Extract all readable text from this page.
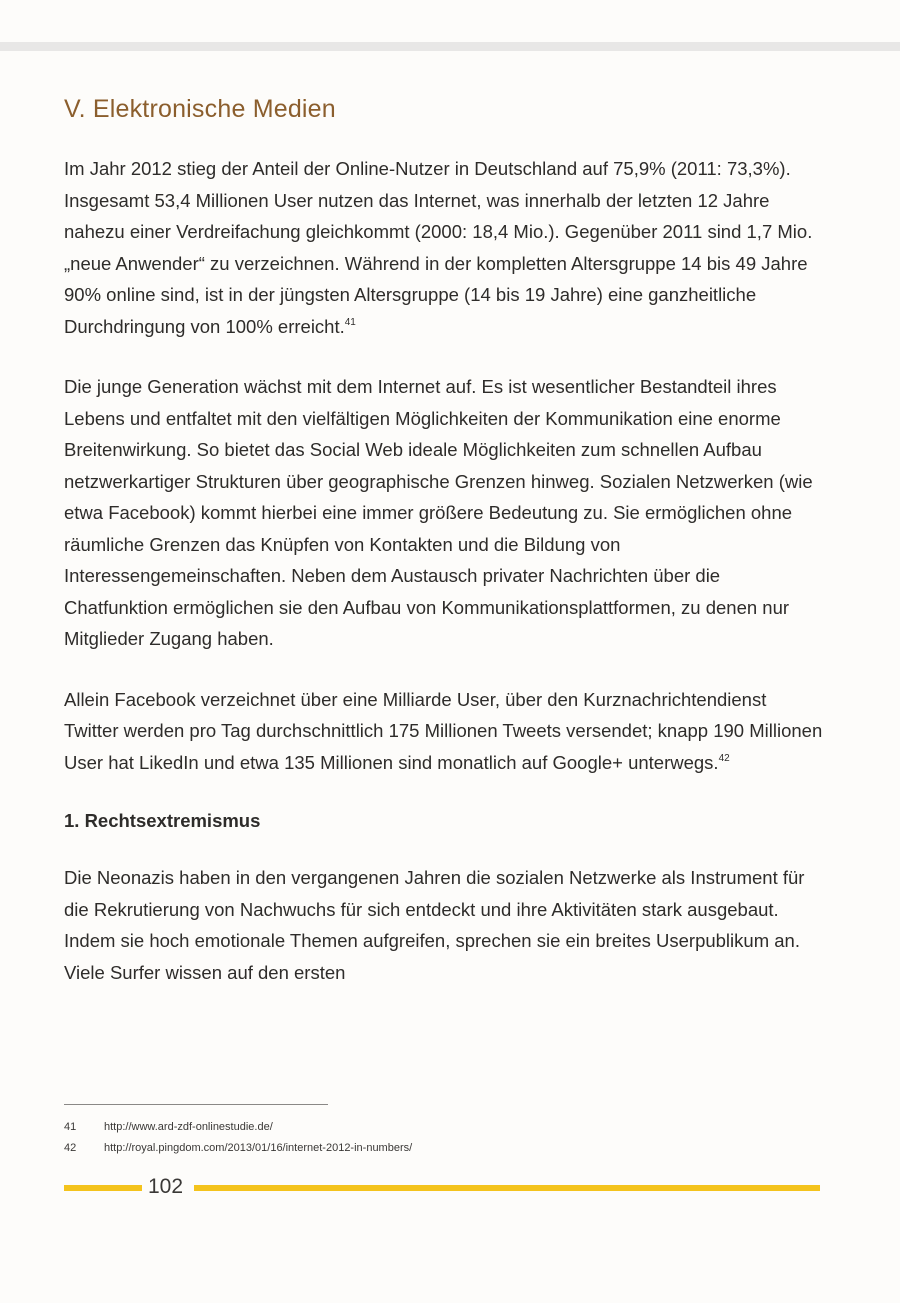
V. Elektronische Medien

Im Jahr 2012 stieg der Anteil der Online-Nutzer in Deutschland auf 75,9% (2011: 73,3%). Insgesamt 53,4 Millionen User nutzen das Internet, was innerhalb der letzten 12 Jahre nahezu einer Verdreifachung gleichkommt (2000: 18,4 Mio.). Gegenüber 2011 sind 1,7 Mio. „neue Anwender“ zu verzeichnen. Während in der kompletten Altersgruppe 14 bis 49 Jahre 90% online sind, ist in der jüngsten Altersgruppe (14 bis 19 Jahre) eine ganzheitliche Durchdringung von 100% erreicht.$^{41}$

Die junge Generation wächst mit dem Internet auf. Es ist wesentlicher Bestandteil ihres Lebens und entfaltet mit den vielfältigen Möglichkeiten der Kommunikation eine enorme Breitenwirkung. So bietet das Social Web ideale Möglichkeiten zum schnellen Aufbau netzwerkartiger Strukturen über geographische Grenzen hinweg. Sozialen Netzwerken (wie etwa Facebook) kommt hierbei eine immer größere Bedeutung zu. Sie ermöglichen ohne räumliche Grenzen das Knüpfen von Kontakten und die Bildung von Interessengemeinschaften. Neben dem Austausch privater Nachrichten über die Chatfunktion ermöglichen sie den Aufbau von Kommunikationsplattformen, zu denen nur Mitglieder Zugang haben.

Allein Facebook verzeichnet über eine Milliarde User, über den Kurznachrichtendienst Twitter werden pro Tag durchschnittlich 175 Millionen Tweets versendet; knapp 190 Millionen User hat LikedIn und etwa 135 Millionen sind monatlich auf Google+ unterwegs.$^{42}$

1. Rechtsextremismus

Die Neonazis haben in den vergangenen Jahren die sozialen Netzwerke als Instrument für die Rekrutierung von Nachwuchs für sich entdeckt und ihre Aktivitäten stark ausgebaut. Indem sie hoch emotionale Themen aufgreifen, sprechen sie ein breites Userpublikum an. Viele Surfer wissen auf den ersten

41	http://www.ard-zdf-onlinestudie.de/
42	http://royal.pingdom.com/2013/01/16/internet-2012-in-numbers/
102
